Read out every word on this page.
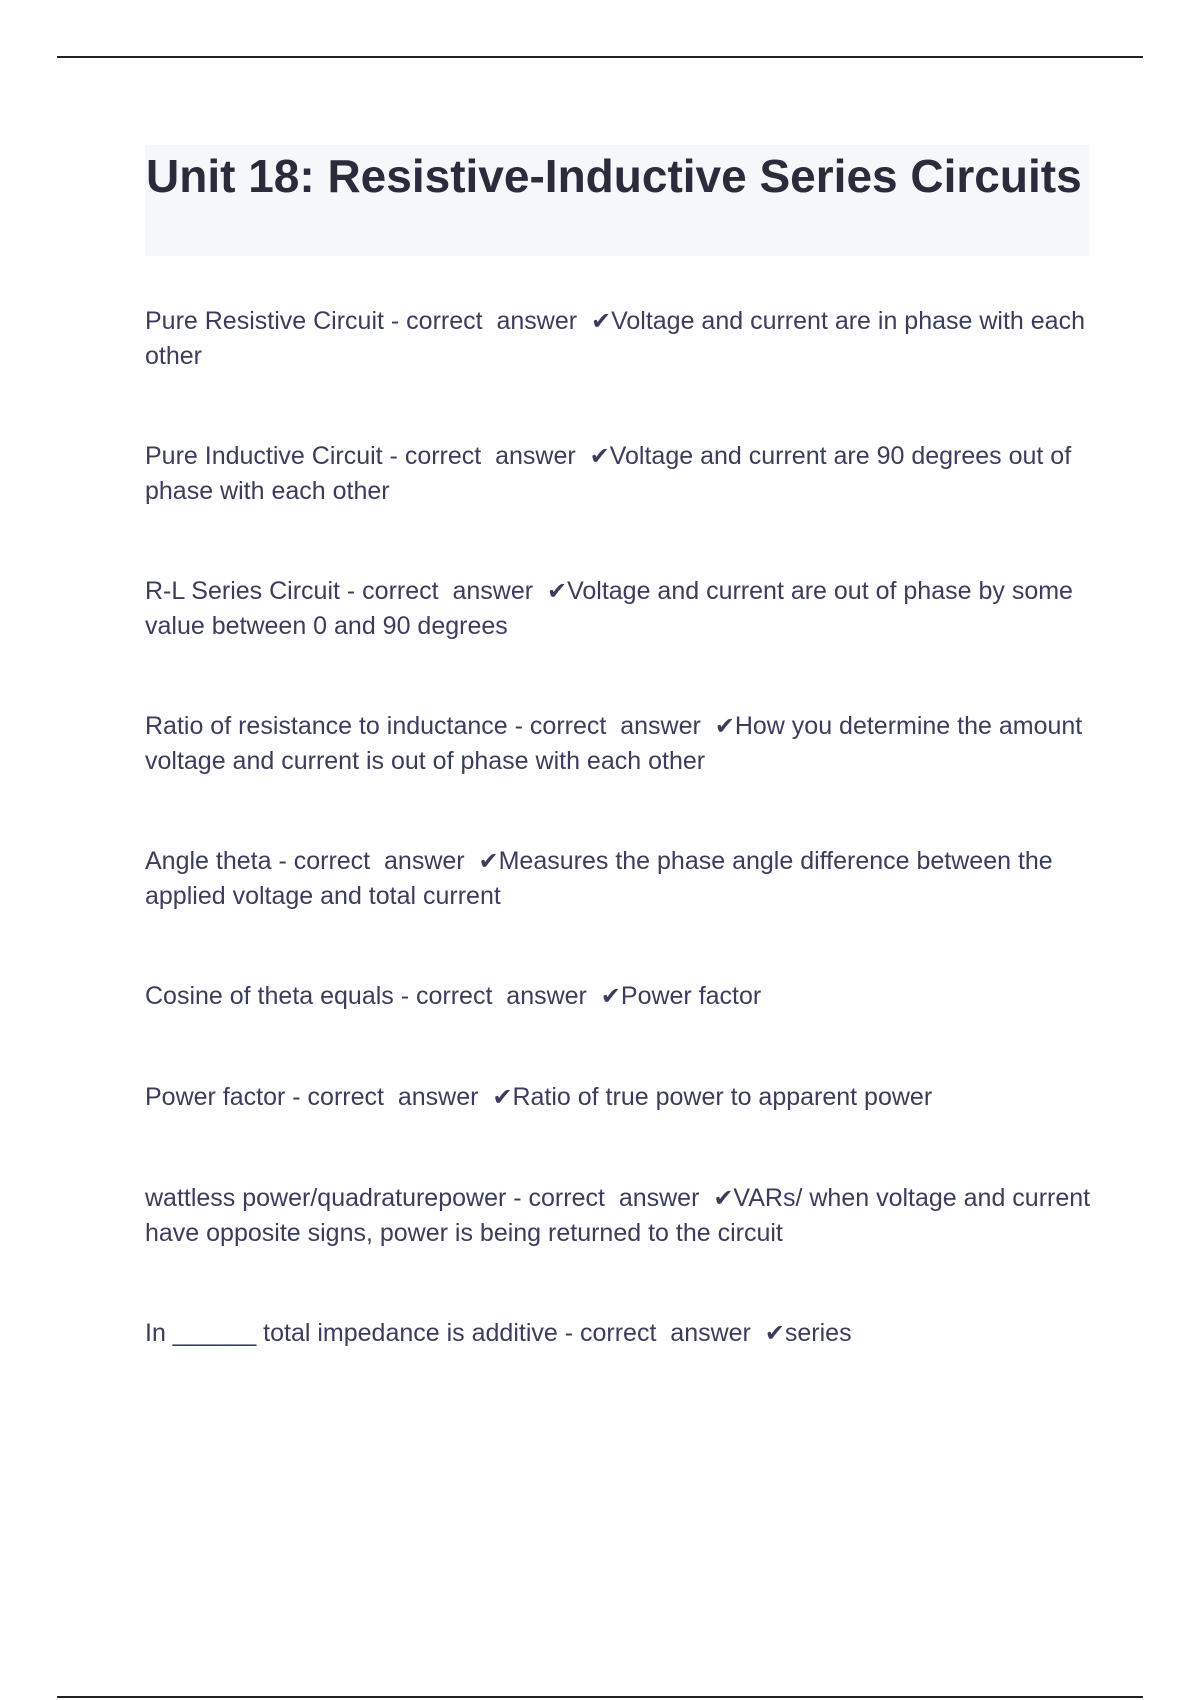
Unit 18: Resistive-Inductive Series Circuits
Pure Resistive Circuit - correct  answer  ✔Voltage and current are in phase with each other
Pure Inductive Circuit - correct  answer  ✔Voltage and current are 90 degrees out of phase with each other
R-L Series Circuit - correct  answer  ✔Voltage and current are out of phase by some value between 0 and 90 degrees
Ratio of resistance to inductance - correct  answer  ✔How you determine the amount voltage and current is out of phase with each other
Angle theta - correct  answer  ✔Measures the phase angle difference between the applied voltage and total current
Cosine of theta equals - correct  answer  ✔Power factor
Power factor - correct  answer  ✔Ratio of true power to apparent power
wattless power/quadraturepower - correct  answer  ✔VARs/ when voltage and current have opposite signs, power is being returned to the circuit
In ______ total impedance is additive - correct  answer  ✔series
